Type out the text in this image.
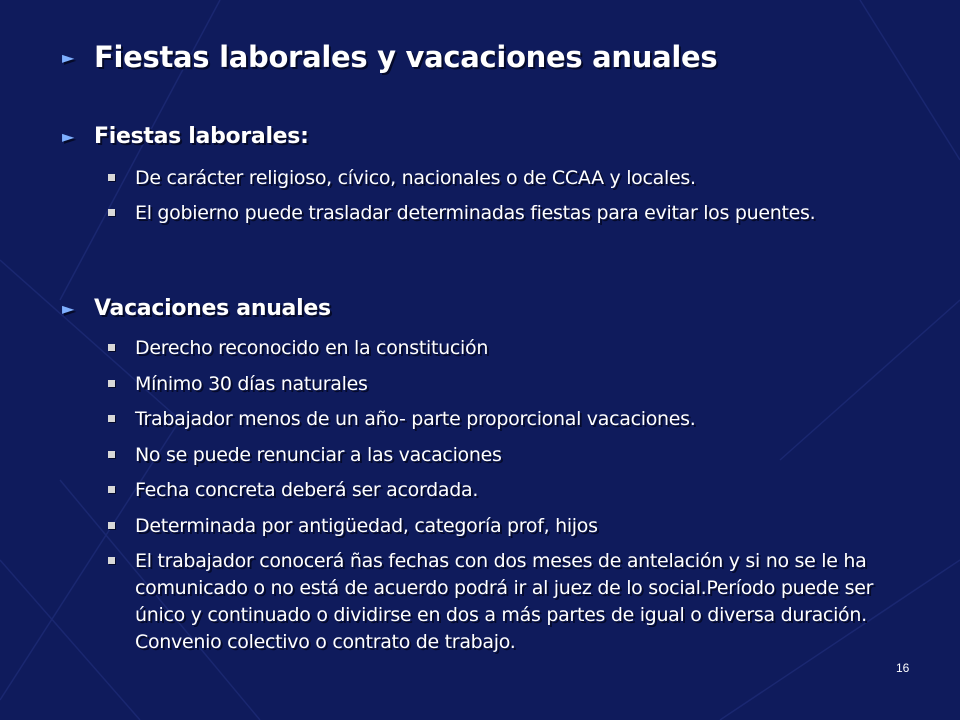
► Fiestas laborales y vacaciones anuales
► Fiestas laborales:
De carácter religioso, cívico, nacionales o de CCAA y locales.
El gobierno puede trasladar determinadas fiestas para evitar los puentes.
► Vacaciones anuales
Derecho reconocido en la constitución
Mínimo 30 días naturales
Trabajador menos de un año- parte proporcional vacaciones.
No se puede renunciar a las vacaciones
Fecha concreta deberá ser acordada.
Determinada por antigüedad, categoría prof, hijos
El trabajador conocerá ñas fechas con dos meses de antelación y si no se le ha comunicado o no está de acuerdo podrá ir al juez de lo social.Período puede ser único y continuado o dividirse en dos a más partes de igual o diversa duración. Convenio colectivo o contrato de trabajo.
16
